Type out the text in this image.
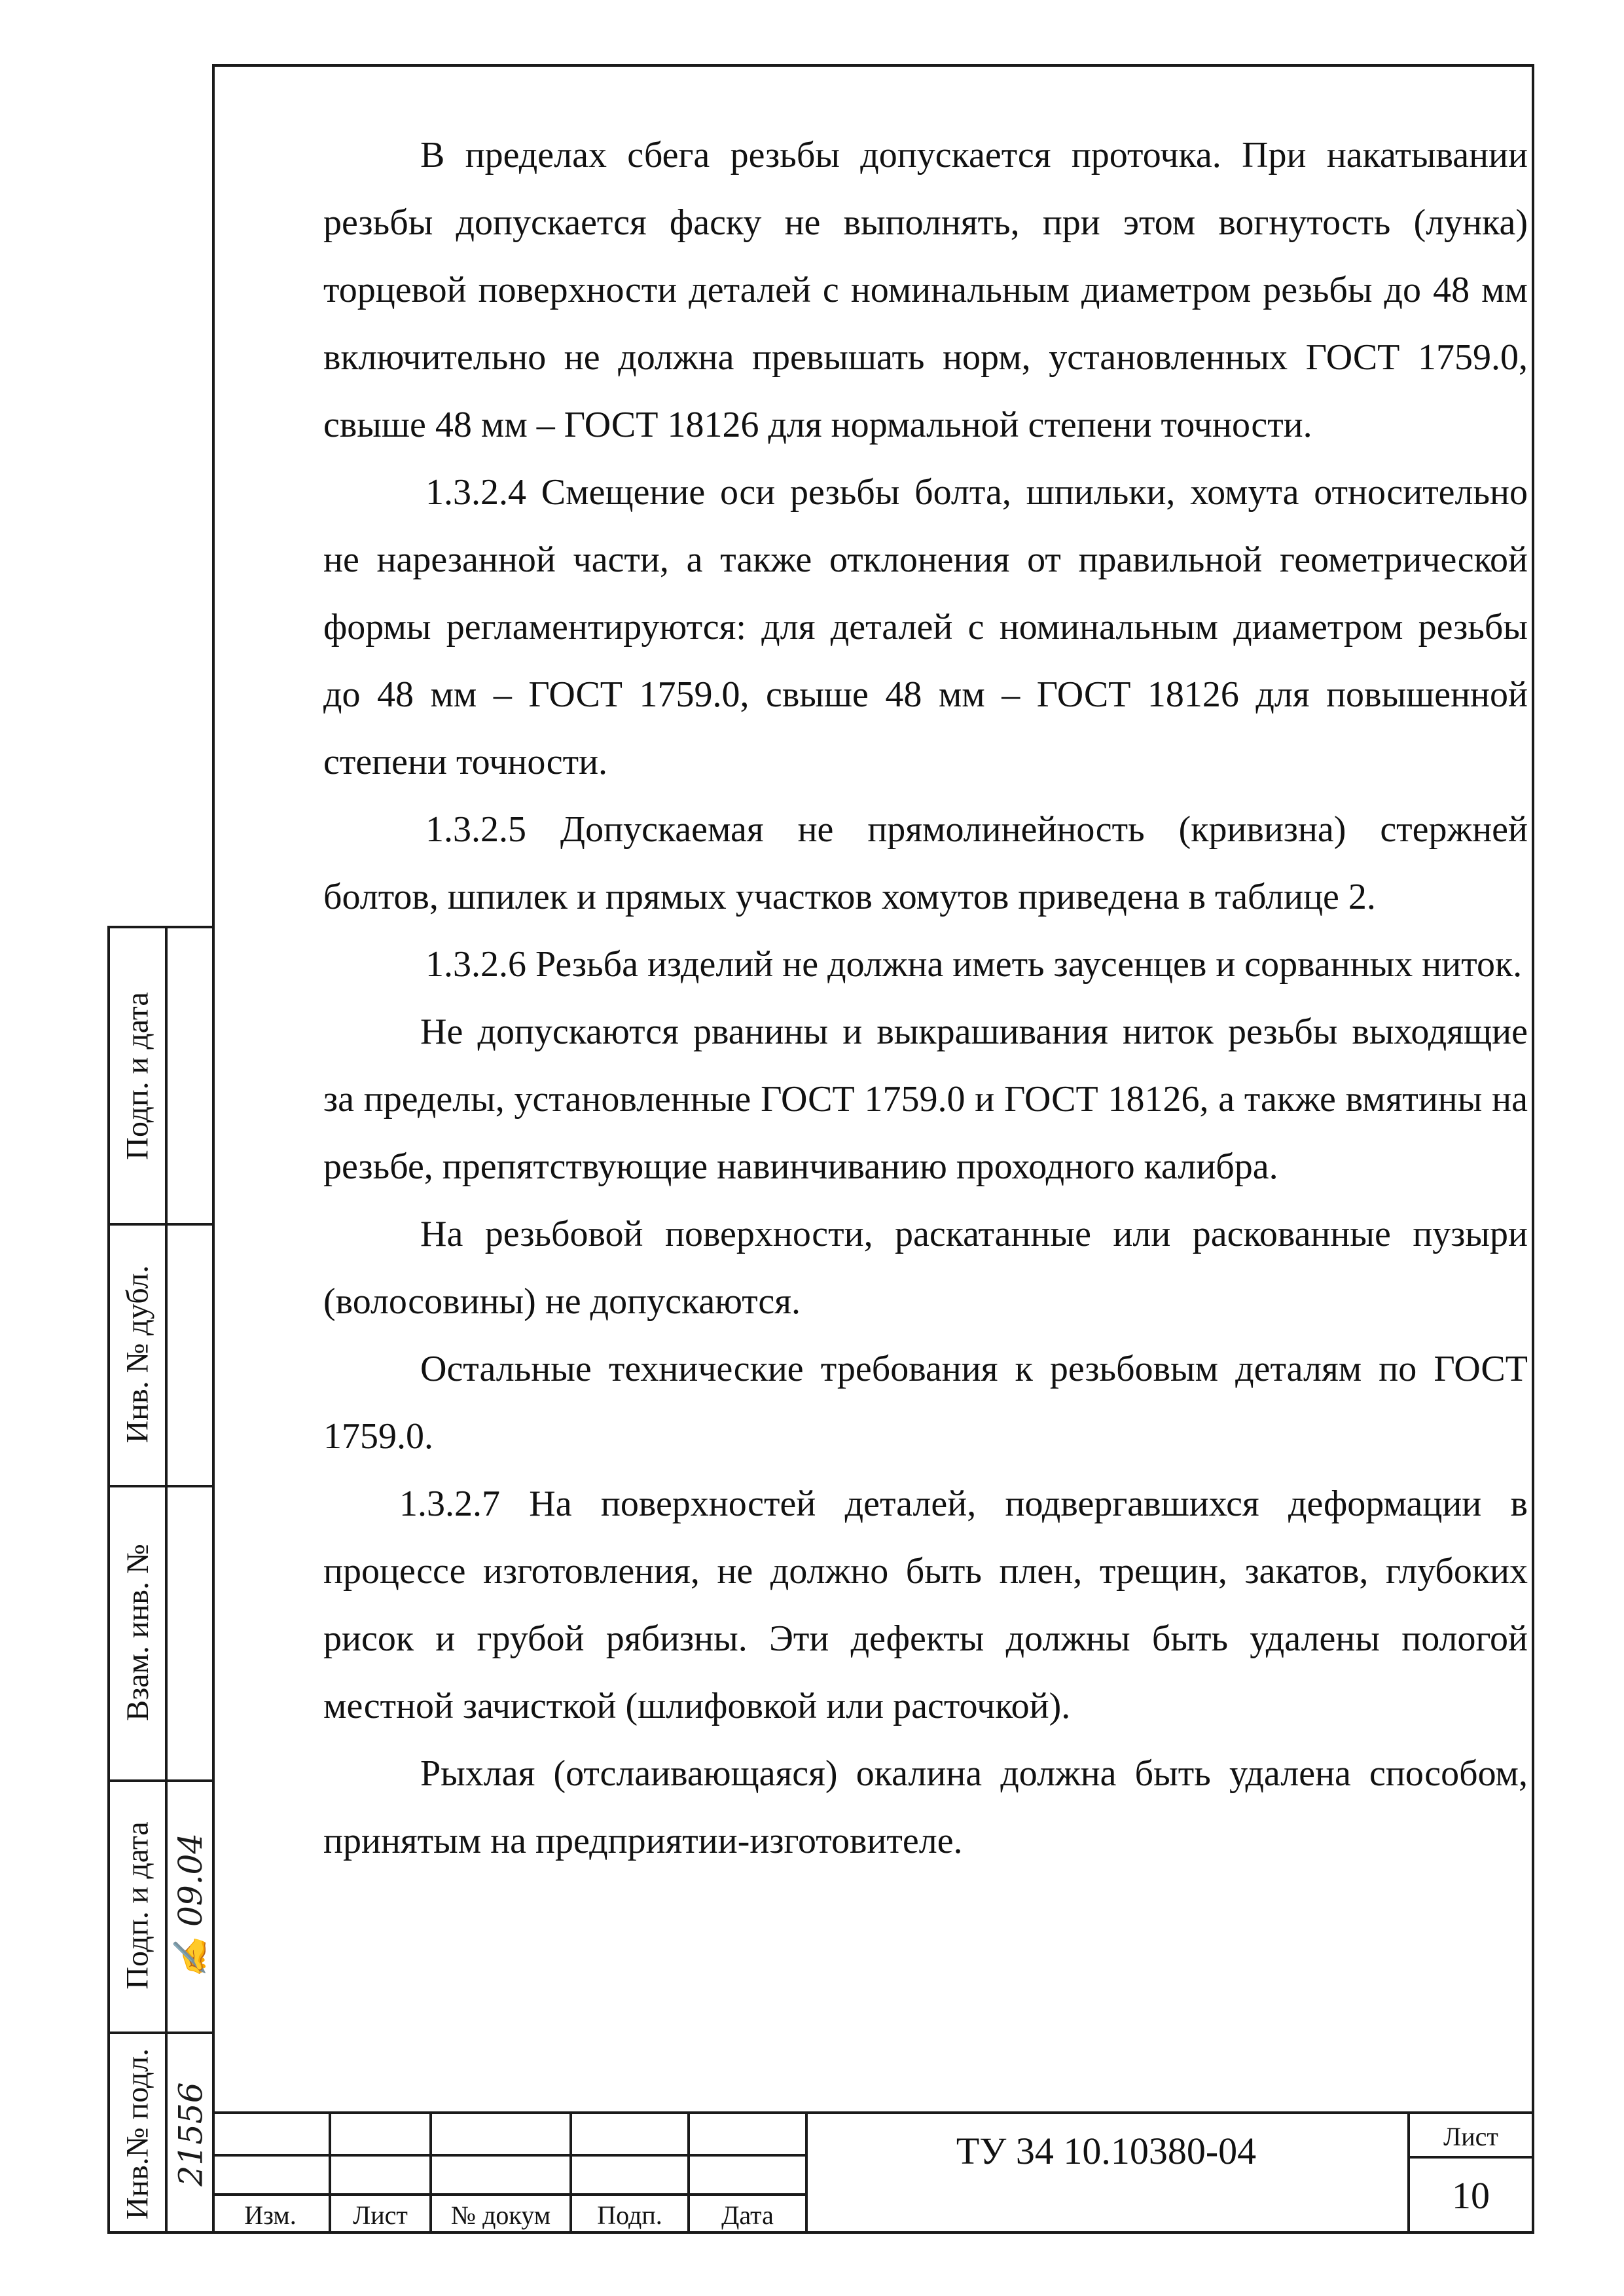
В пределах сбега резьбы допускается проточка. При накатывании резьбы допускается фаску не выполнять, при этом вогнутость (лунка) торцевой поверхности деталей с номинальным диаметром резьбы до 48 мм включительно не должна превышать норм, установленных ГОСТ 1759.0, свыше 48 мм – ГОСТ 18126 для нормальной степени точности.

1.3.2.4 Смещение оси резьбы болта, шпильки, хомута относительно не нарезанной части, а также отклонения от правильной геометрической формы регламентируются: для деталей с номинальным диаметром резьбы до 48 мм – ГОСТ 1759.0, свыше 48 мм – ГОСТ 18126 для повышенной степени точности.

1.3.2.5 Допускаемая не прямолинейность (кривизна) стержней болтов, шпилек и прямых участков хомутов приведена в таблице 2.

1.3.2.6 Резьба изделий не должна иметь заусенцев и сорванных ниток.

Не допускаются рванины и выкрашивания ниток резьбы выходящие за пределы, установленные ГОСТ 1759.0 и ГОСТ 18126, а также вмятины на резьбе, препятствующие навинчиванию проходного калибра.

На резьбовой поверхности, раскатанные или раскованные пузыри (волосовины) не допускаются.

Остальные технические требования к резьбовым деталям по ГОСТ 1759.0.

1.3.2.7 На поверхностей деталей, подвергавшихся деформации в процессе изготовления, не должно быть плен, трещин, закатов, глубоких рисок и грубой рябизны. Эти дефекты должны быть удалены пологой местной зачисткой (шлифовкой или расточкой).

Рыхлая (отслаивающаяся) окалина должна быть удалена способом, принятым на предприятии-изготовителе.

Подп. и дата
Инв. № дубл.
Взам. инв. №
Подп. и дата
Инв.№ подл.
✍ 09.04
21556
Изм.	Лист	№ докум	Подп.	Дата
ТУ 34 10.10380-04	Лист
10
